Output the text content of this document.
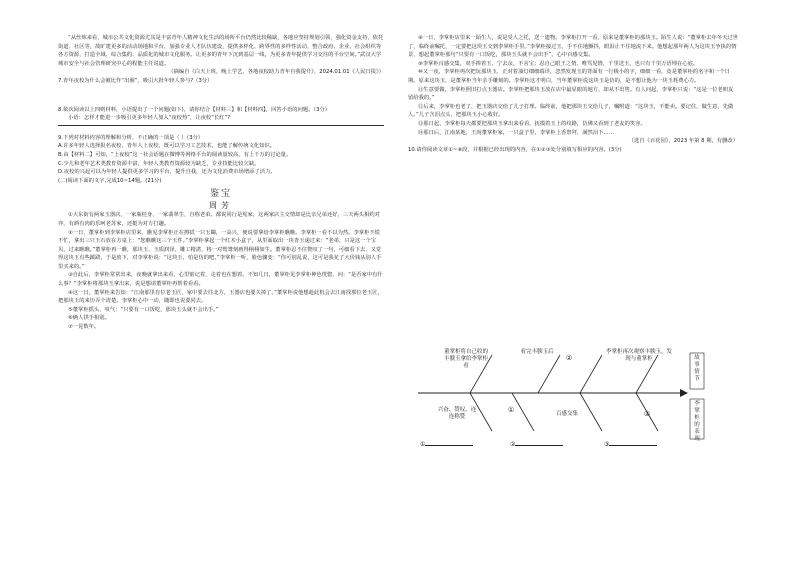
“从丝炼来看，城市公共文化资源尤其是丰富青年人精神文化生活的场所平台仍然比较稀缺，各地应坚持规划引领，强化资金支持，依托街道、社区等，故旷建更多的活动场地和平台，加强专业人才队伍建设，提供多样化、跨界性的多样性活动，整合政府、企业、社会组织等各方资源，打造全域、综合集约、品质化的城市文化服务。让更多的青年下沉到基层一线，为更多青年提供学习交往的平台空间。”武汉大学城市安全与社会管理研究中心的程能主任说道。

（摘编自《白天上班，晚上学艺，各地夜校助力青年自我提升》，2024.01.01《人民日报》）

7.青年夜校为什么会被比作“出圈”，吸引大批年轻人参与?（3分）

8.依次阅读以上四则材料，小语提出了一个问题(如下)，请你结合【材料三】和【材料四】，回答小语的问题。（3分）

小语：怎样才能进一步吸引更多年轻人加入“夜校热”，让夜校“长红”?

9.下列对材料内容的理解和分析，不正确的一项是（ ）（3分）

A.许多年轻人选择报名夜校，青年人上夜校，既可以学习工艺技术，也能了解传统文化知识。

B.由【材料二】可知，“上夜校”这一社会话题在微博等网络平台的阅读量较高，有上千万的讨论量。

C.少儿和老年艺术类教育资源丰富，年轻人类教育资源较为缺乏，专业技能比较欠缺。

D.夜校的兴起可以为年轻人提供更多学习的平台，提升自我，还为文化消费市场增添了活力。

(二)阅读下面的文字,完成10~14题。(21分)

鉴宝

周芳

①大东街有两家玉器店，一家瓶桂身，一家翡翠生，自称老弟。都说同行是冤家，这两家店主交情却是比亲兄弟还好，三天两头相约对弈，有酒有肉的乐呵老苏家，还挺为对方打趣。

②一日，董掌柜到李掌柜店里来，瞧见李掌柜正在擦拭一只玉镯，一高兴，便说要拿给李掌柜瞧瞧。李掌柜一看不以为然。李掌柜不慌不忙，拿出三只玉石放在方桌上：“您瞧瞧这三个玉件。”李掌柜拿起一个红木小盒子，从里面取出一块青玉递过来：“老弟，只是这一个宝贝，过来瞧瞧。”董掌柜再一瞧，那块玉，玉质润泽，雕工精湛，将一对鸳鸯刻画得栩栩如生。董掌柜忍不住赞叹了一句，可细看下去，又觉得这块玉有些蹊跷，于是放下，对李掌柜说：“这块玉，怕是仿的吧。”李掌柜一听，脸色骤变：“你可别乱说，这可是我花了大价钱从别人手里买来的。”

③自此后，李掌柜常常出来，夜晚就拿出来看，心里惦记着，走着也在想着。不知几日，董掌柜见李掌柜神色恍惚，问：“是否家中有什么事？”李掌柜将那块玉拿出来，说是想请董掌柜再帮着看看。

④这一日，董掌柜来告知：“江南那里有位老玉匠，家中要去往北方，玉器店也要关掉了。”董掌柜说他想趁此机会去江南找那位老玉匠，把那块玉的来历弄个清楚。李掌柜心中一动，随即也说要同去。

⑤董掌柜摇头，叹气：“只要有一口饭吃，那块玉头就不会出手。”

⑥俩人拱手相别。

⑦一晃数年。

⑧一日，李掌柜店里来一陌生人，说是受人之托，送一遗物。李掌柜打开一看，原来是董掌柜的那块玉。陌生人说：“董掌柜去年冬天过世了，临终前嘱托，一定要把这块玉交到李掌柜手里。”李掌柜接过玉，手不住地颤抖，眼泪止不住地流下来。他想起那年两人为这块玉争执的情景，想起董掌柜那句“只要有一口饭吃，那块玉头就不会出手”，心中百感交集。

⑨李掌柜百感交集，双手捧着玉，宁去余，不舍宝；忍自己眼王之情，唯笃见情，千里送玉，也只有千里万语埋在心底。

⑩又一夜，李掌柜再次把玩那块玉，正对着油灯细细端详，忽然发现玉的背面有一行极小的字，细细一看，竟是董掌柜的名字和一个日期。原来这块玉，是董掌柜当年亲手雕刻的。李掌柜这才明白，当年董掌柜说这块玉是仿的，是不想让他为一块玉耗费心力。

⑪生意要做，李掌柜照旧打点玉器店。李掌柜把那块玉放在店中最显眼的地方，却从不出售。有人问起，李掌柜只说：“这是一位老朋友留给我的。”

⑫后来，李掌柜也老了，把玉器店交给了儿子打理。临终前，他把那块玉交给儿子，嘱咐道：“这块玉，不能卖。要记住，做生意，先做人。”儿子含泪点头，把那块玉小心收好。

⑬那日起，李掌柜每天都要把那块玉拿出来看看，抚摸着玉上的纹路，仿佛又看到了老友的笑容。

⑭那日后，江南某地，王尚董掌柜家，一只盒子里，李掌柜上香祭拜，满然泪下……

（选自《百花园》，2023 年第 8 期，有删改）

10.请你阅读文章①~⑧段，并根据已经出现的内容，在①②③处分别填写相应的内容。(3分)

董掌柜将自己收的丰腴玉拿给李掌柜看
看完丰腴玉后
②
李掌柜再次观察丰腴玉，发现与董掌柜	故事情节
兴奋、赞叹、连连称赞
①	百感交集	③
李掌柜的表现
①	②	③
